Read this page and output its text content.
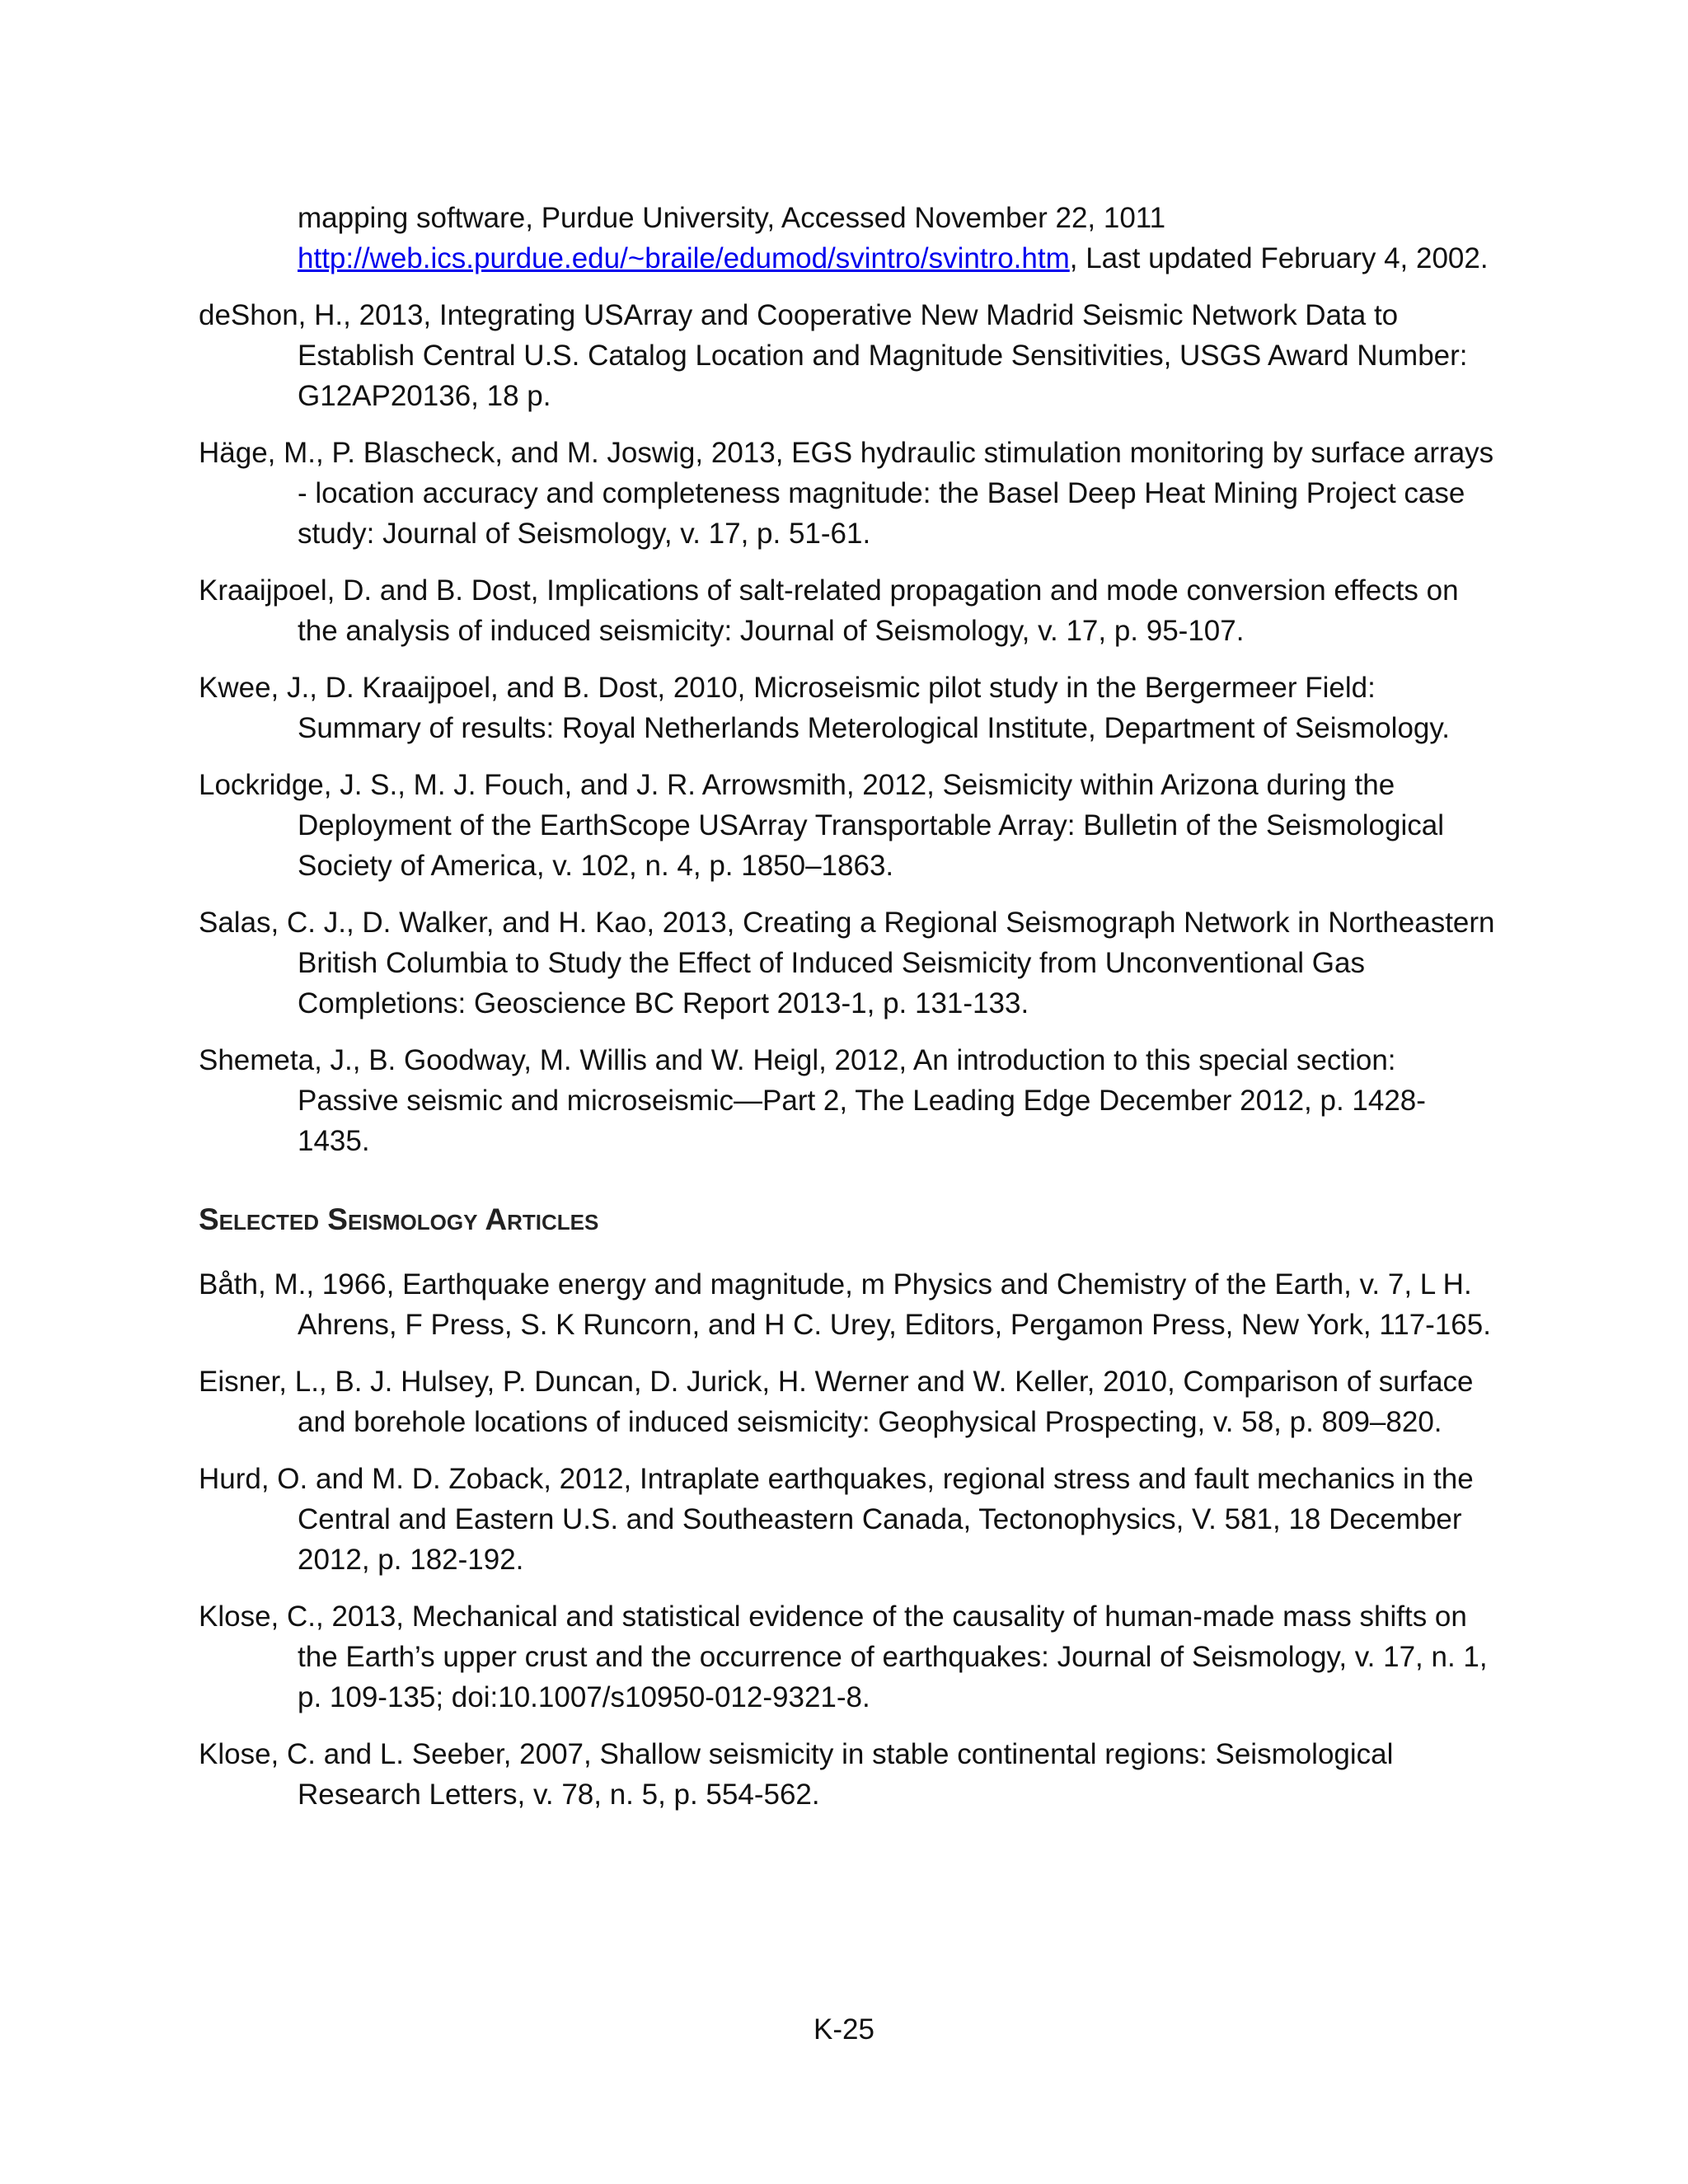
mapping software, Purdue University, Accessed November 22, 1011 http://web.ics.purdue.edu/~braile/edumod/svintro/svintro.htm, Last updated February 4, 2002.

deShon, H., 2013, Integrating USArray and Cooperative New Madrid Seismic Network Data to Establish Central U.S. Catalog Location and Magnitude Sensitivities, USGS Award Number: G12AP20136, 18 p.

Häge, M., P. Blascheck, and M. Joswig, 2013, EGS hydraulic stimulation monitoring by surface arrays - location accuracy and completeness magnitude: the Basel Deep Heat Mining Project case study: Journal of Seismology, v. 17, p. 51-61.

Kraaijpoel, D. and B. Dost, Implications of salt-related propagation and mode conversion effects on the analysis of induced seismicity: Journal of Seismology, v. 17, p. 95-107.

Kwee, J., D. Kraaijpoel, and B. Dost, 2010, Microseismic pilot study in the Bergermeer Field: Summary of results: Royal Netherlands Meterological Institute, Department of Seismology.

Lockridge, J. S., M. J. Fouch, and J. R. Arrowsmith, 2012, Seismicity within Arizona during the Deployment of the EarthScope USArray Transportable Array: Bulletin of the Seismological Society of America, v. 102, n. 4, p. 1850–1863.

Salas, C. J., D. Walker, and H. Kao, 2013, Creating a Regional Seismograph Network in Northeastern British Columbia to Study the Effect of Induced Seismicity from Unconventional Gas Completions: Geoscience BC Report 2013-1, p. 131-133.

Shemeta, J., B. Goodway, M. Willis and W. Heigl, 2012, An introduction to this special section: Passive seismic and microseismic—Part 2, The Leading Edge December 2012, p. 1428-1435.

Selected Seismology Articles

Båth, M., 1966, Earthquake energy and magnitude, m Physics and Chemistry of the Earth, v. 7, L H. Ahrens, F Press, S. K Runcorn, and H C. Urey, Editors, Pergamon Press, New York, 117-165.

Eisner, L., B. J. Hulsey, P. Duncan, D. Jurick, H. Werner and W. Keller, 2010, Comparison of surface and borehole locations of induced seismicity: Geophysical Prospecting, v. 58, p. 809–820.

Hurd, O. and M. D. Zoback, 2012, Intraplate earthquakes, regional stress and fault mechanics in the Central and Eastern U.S. and Southeastern Canada, Tectonophysics, V. 581, 18 December 2012, p. 182-192.

Klose, C., 2013, Mechanical and statistical evidence of the causality of human-made mass shifts on the Earth’s upper crust and the occurrence of earthquakes: Journal of Seismology, v. 17, n. 1, p. 109-135; doi:10.1007/s10950-012-9321-8.

Klose, C. and L. Seeber, 2007, Shallow seismicity in stable continental regions: Seismological Research Letters, v. 78, n. 5, p. 554-562.

K-25
